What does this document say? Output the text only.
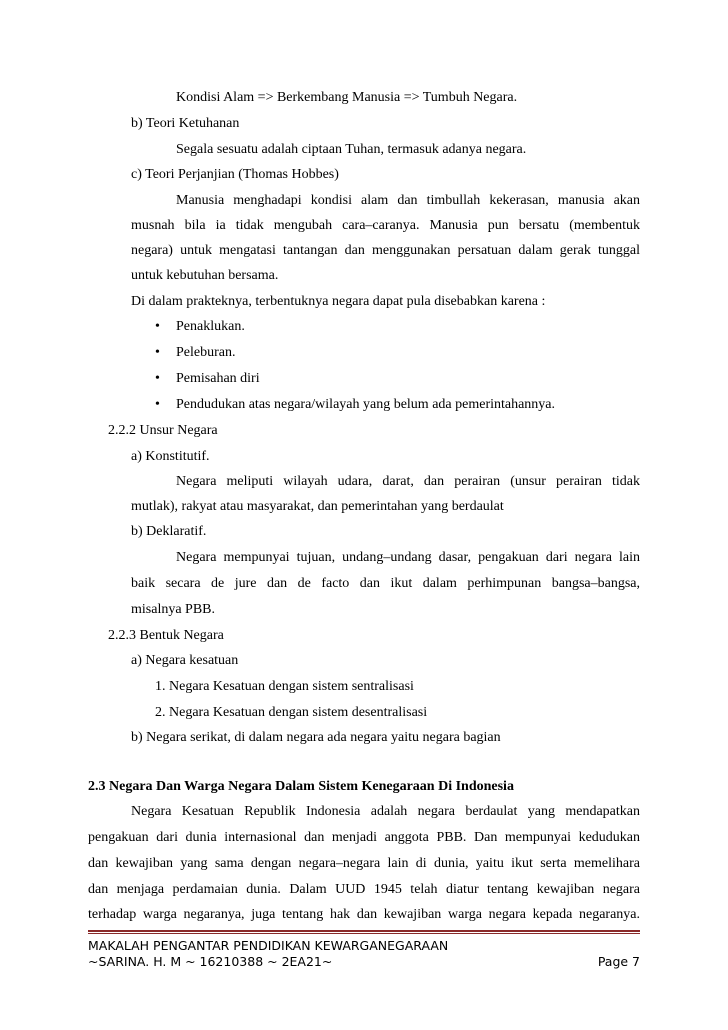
Kondisi Alam => Berkembang Manusia => Tumbuh Negara.
b) Teori Ketuhanan
Segala sesuatu adalah ciptaan Tuhan, termasuk adanya negara.
c) Teori Perjanjian (Thomas Hobbes)
Manusia menghadapi kondisi alam dan timbullah kekerasan, manusia akan
musnah bila ia tidak mengubah cara–caranya. Manusia pun bersatu (membentuk
negara) untuk mengatasi tantangan dan menggunakan persatuan dalam gerak tunggal
untuk kebutuhan bersama.
Di dalam prakteknya, terbentuknya negara dapat pula disebabkan karena :
• Penaklukan.
• Peleburan.
• Pemisahan diri
• Pendudukan atas negara/wilayah yang belum ada pemerintahannya.
2.2.2 Unsur Negara
a) Konstitutif.
Negara meliputi wilayah udara, darat, dan perairan (unsur perairan tidak
mutlak), rakyat atau masyarakat, dan pemerintahan yang berdaulat
b) Deklaratif.
Negara mempunyai tujuan, undang–undang dasar, pengakuan dari negara lain
baik secara de jure dan de facto dan ikut dalam perhimpunan bangsa–bangsa,
misalnya PBB.
2.2.3 Bentuk Negara
a) Negara kesatuan
1. Negara Kesatuan dengan sistem sentralisasi
2. Negara Kesatuan dengan sistem desentralisasi
b) Negara serikat, di dalam negara ada negara yaitu negara bagian
2.3 Negara Dan Warga Negara Dalam Sistem Kenegaraan Di Indonesia
Negara Kesatuan Republik Indonesia adalah negara berdaulat yang mendapatkan
pengakuan dari dunia internasional dan menjadi anggota PBB. Dan mempunyai kedudukan
dan kewajiban yang sama dengan negara–negara lain di dunia, yaitu ikut serta memelihara
dan menjaga perdamaian dunia. Dalam UUD 1945 telah diatur tentang kewajiban negara
terhadap warga negaranya, juga tentang hak dan kewajiban warga negara kepada negaranya.
MAKALAH PENGANTAR PENDIDIKAN KEWARGANEGARAAN
~SARINA. H. M ~ 16210388 ~ 2EA21~	Page 7
